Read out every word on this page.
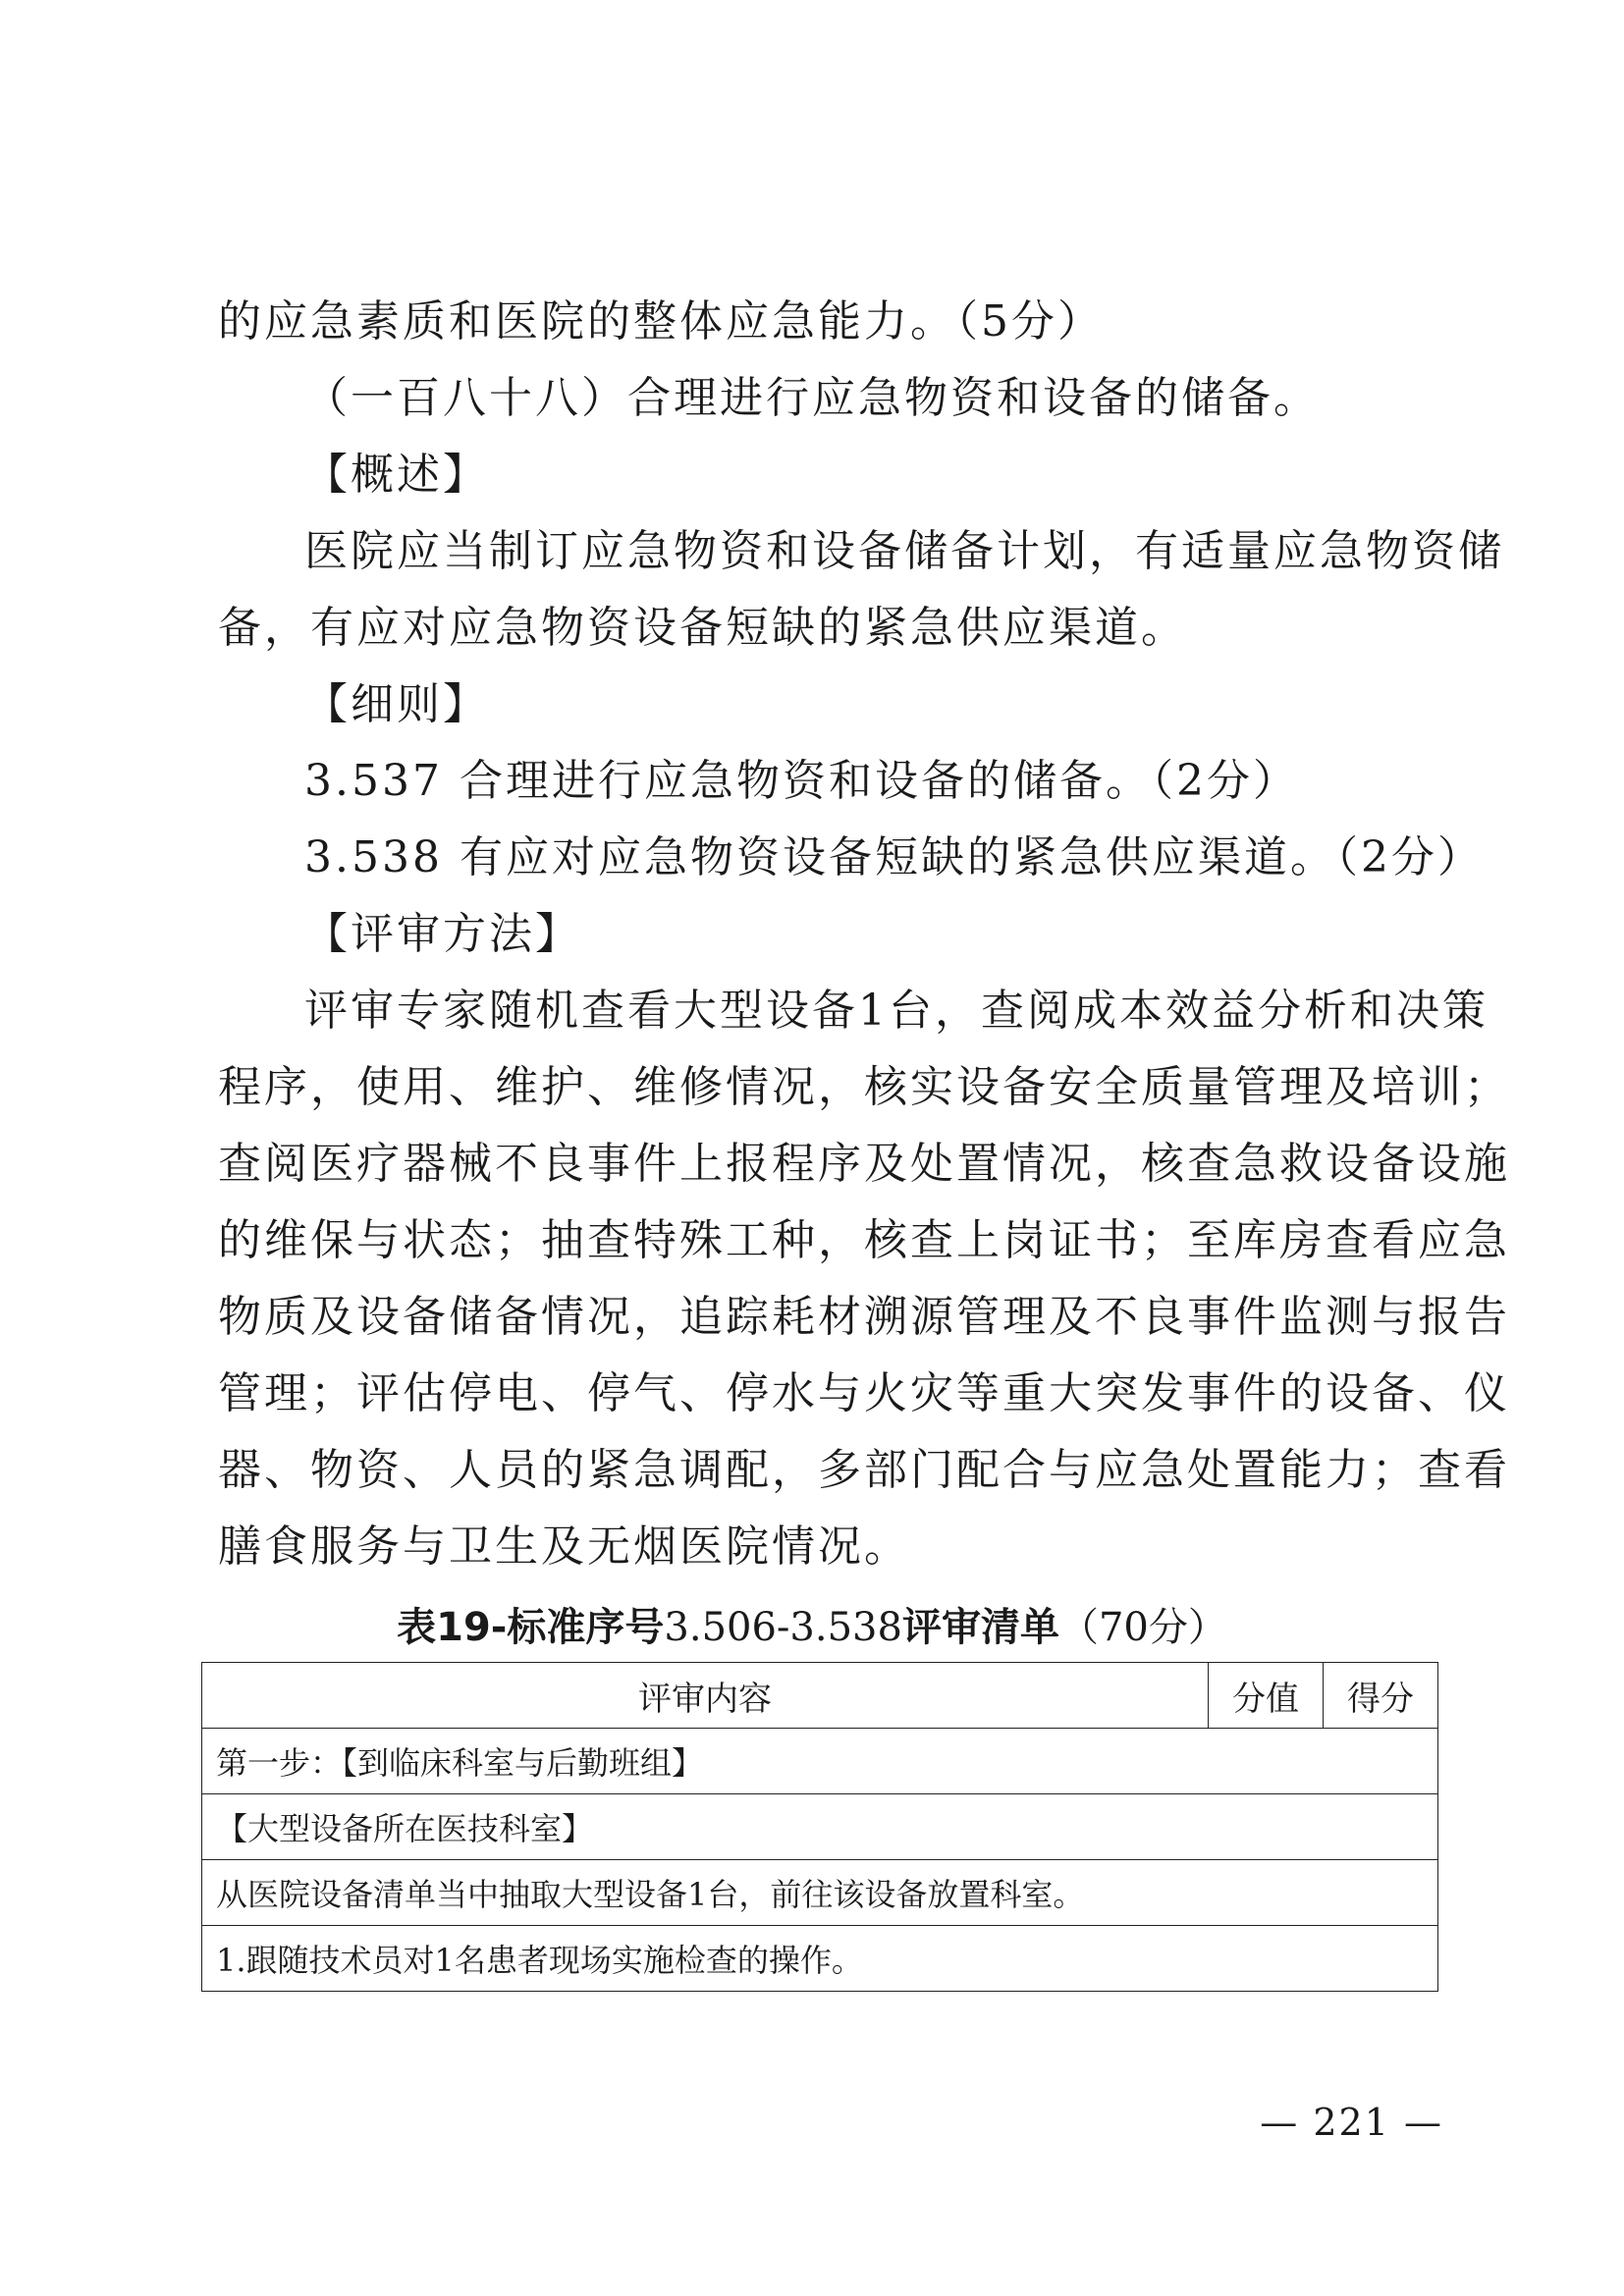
的应急素质和医院的整体应急能力。（5分）
（一百八十八）合理进行应急物资和设备的储备。
【概述】
医院应当制订应急物资和设备储备计划，有适量应急物资储
备，有应对应急物资设备短缺的紧急供应渠道。
【细则】
3.537 合理进行应急物资和设备的储备。（2分）
3.538 有应对应急物资设备短缺的紧急供应渠道。（2分）
【评审方法】
评审专家随机查看大型设备1台，查阅成本效益分析和决策
程序，使用、维护、维修情况，核实设备安全质量管理及培训；
查阅医疗器械不良事件上报程序及处置情况，核查急救设备设施
的维保与状态；抽查特殊工种，核查上岗证书；至库房查看应急
物质及设备储备情况，追踪耗材溯源管理及不良事件监测与报告
管理；评估停电、停气、停水与火灾等重大突发事件的设备、仪
器、物资、人员的紧急调配，多部门配合与应急处置能力；查看
膳食服务与卫生及无烟医院情况。
表19-标准序号3.506-3.538评审清单（70分）
评审内容	分值	得分
第一步：【到临床科室与后勤班组】
【大型设备所在医技科室】
从医院设备清单当中抽取大型设备1台，前往该设备放置科室。
1.跟随技术员对1名患者现场实施检查的操作。
— 221 —
